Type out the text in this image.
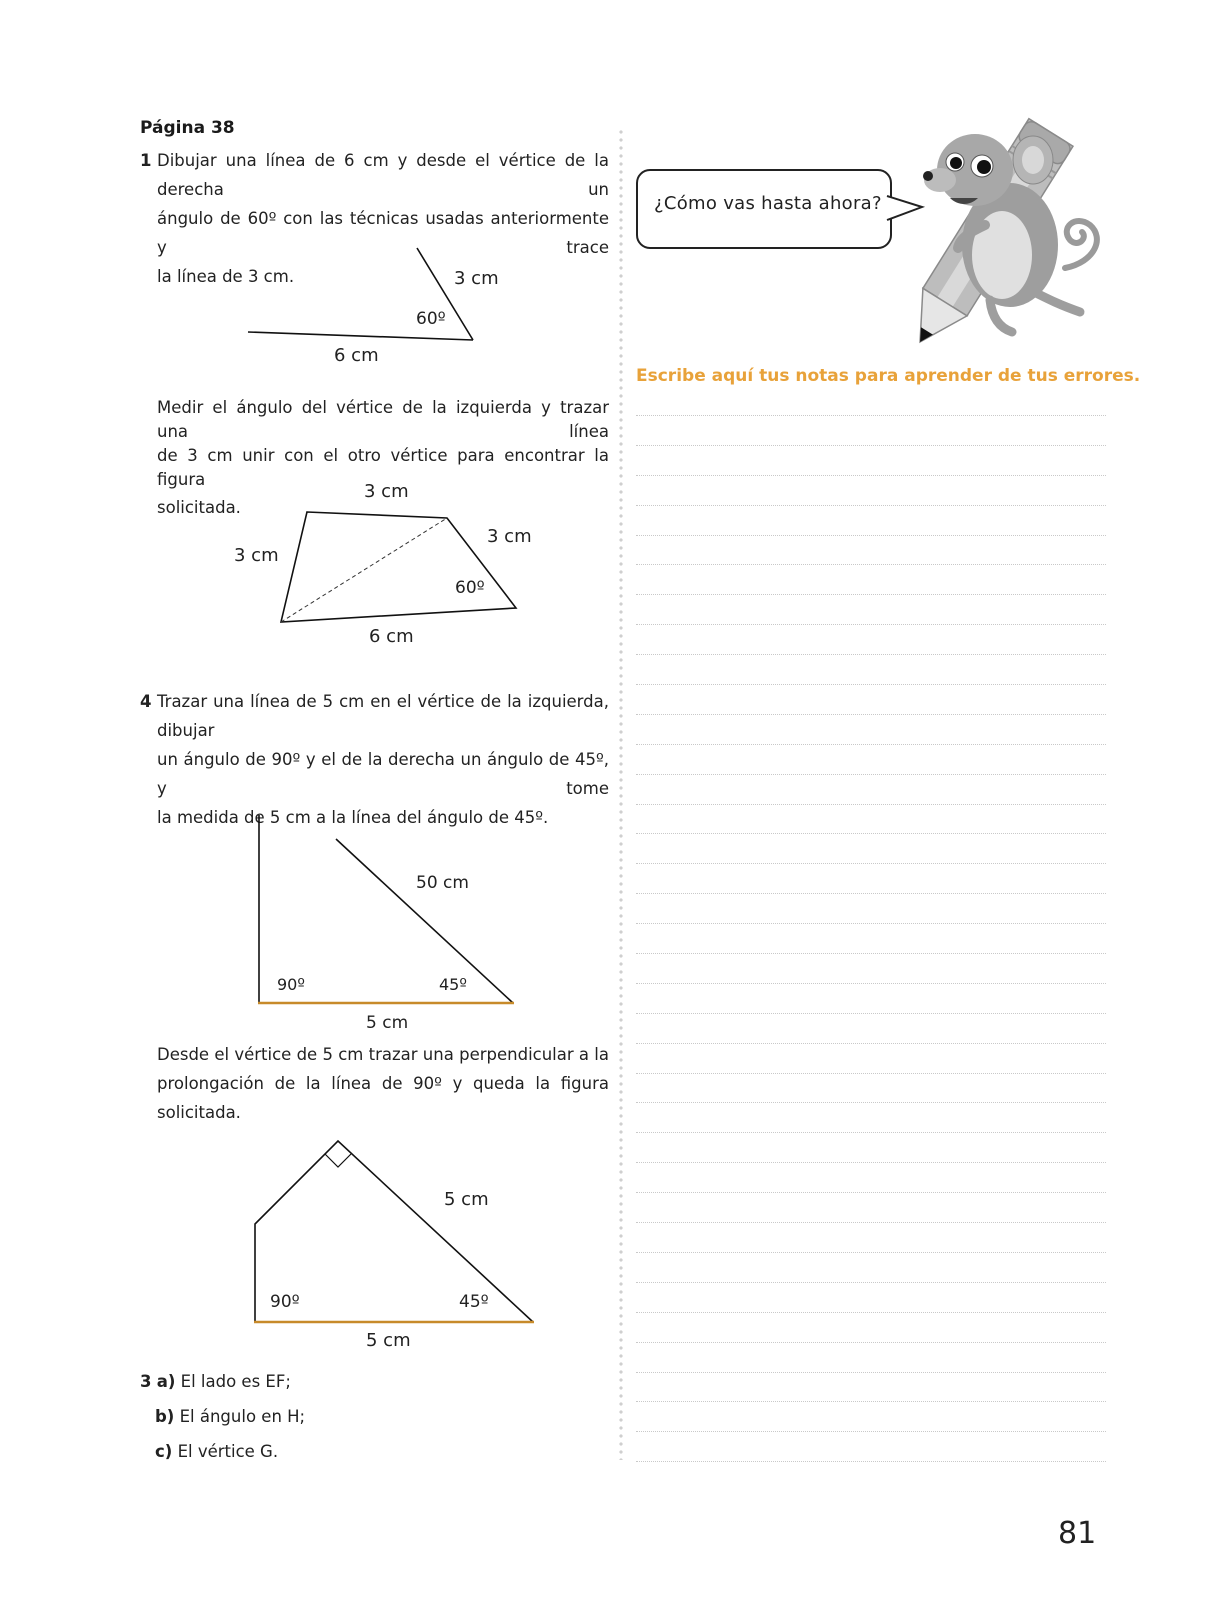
Página 38
1 Dibujar una línea de 6 cm y desde el vértice de la derecha un
ángulo de 60º con las técnicas usadas anteriormente y trace
la línea de 3 cm.	3 cm
60º
6 cm
Medir el ángulo del vértice de la izquierda y trazar una línea
de 3 cm unir con el otro vértice para encontrar la figura
solicitada.
3 cm
3 cm
3 cm
60º
6 cm
4 Trazar una línea de 5 cm en el vértice de la izquierda, dibujar
un ángulo de 90º y el de la derecha un ángulo de 45º, y tome
la medida de 5 cm a la línea del ángulo de 45º.
50 cm
90º	45º
5 cm
Desde el vértice de 5 cm trazar una perpendicular a la
prolongación de la línea de 90º y queda la figura solicitada.
5 cm
90º	45º
5 cm
3 a) El lado es EF;
b) El ángulo en H;
c) El vértice G.
¿Cómo vas hasta ahora?
Escribe aquí tus notas para aprender de tus errores.
81
